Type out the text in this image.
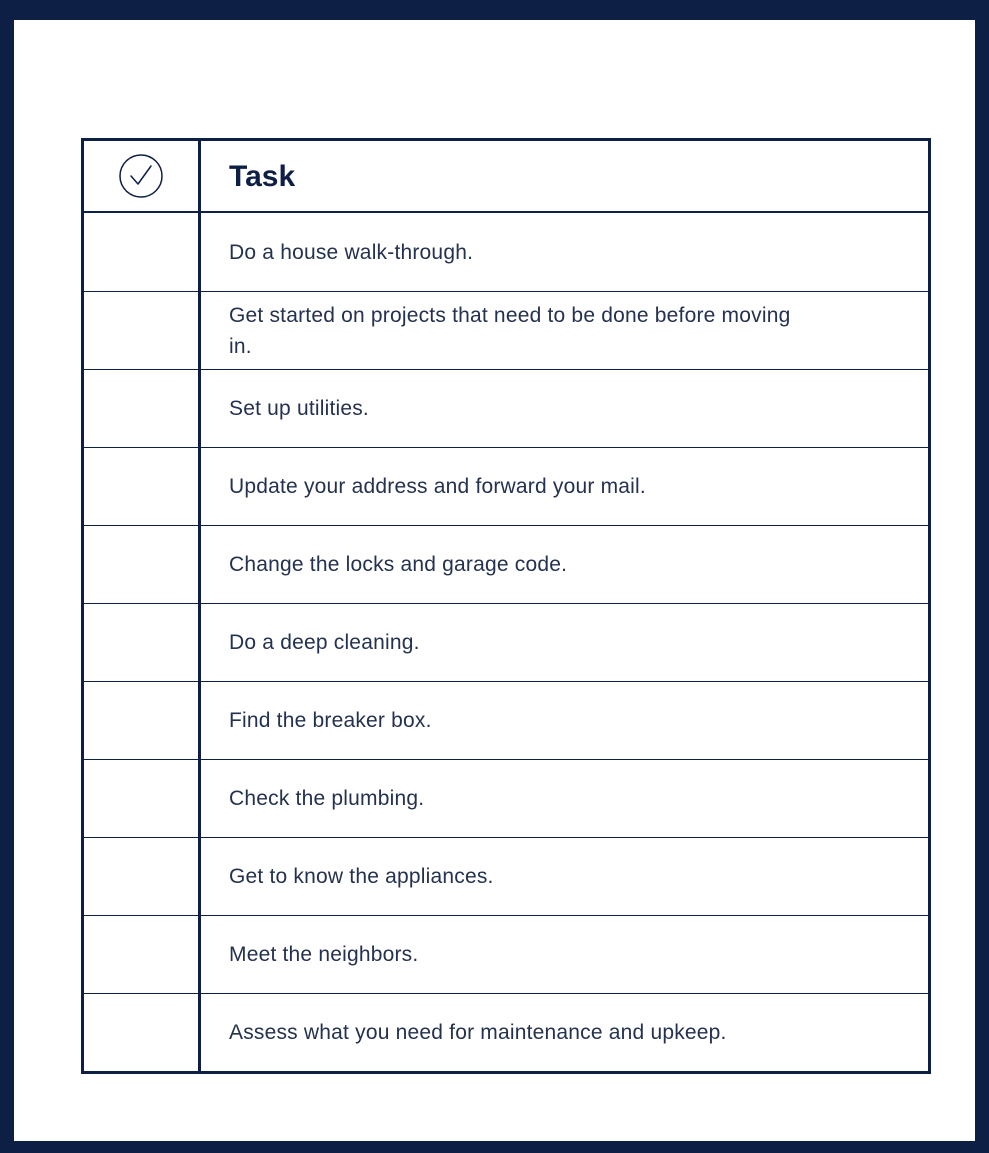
Task
Do a house walk-through.
Get started on projects that need to be done before moving in.
Set up utilities.
Update your address and forward your mail.
Change the locks and garage code.
Do a deep cleaning.
Find the breaker box.
Check the plumbing.
Get to know the appliances.
Meet the neighbors.
Assess what you need for maintenance and upkeep.
